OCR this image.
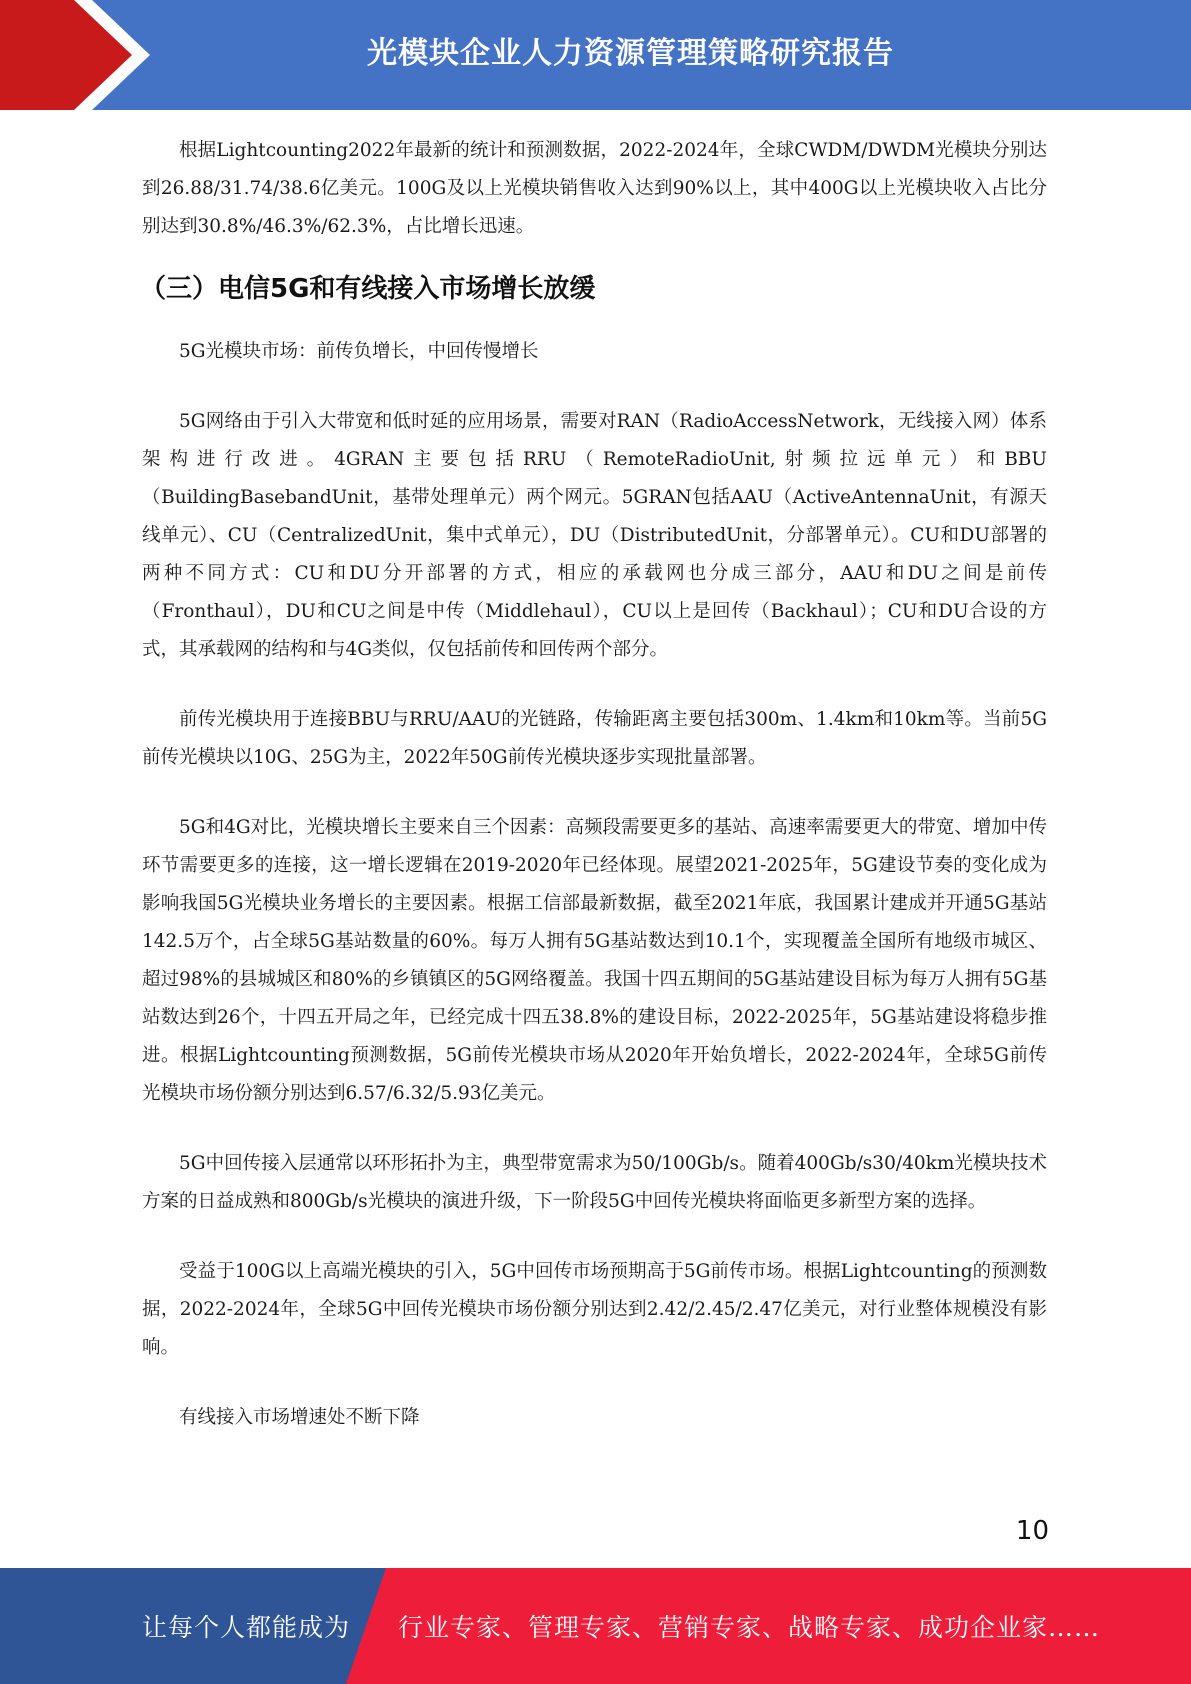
光模块企业人力资源管理策略研究报告

根据Lightcounting2022年最新的统计和预测数据，2022-2024年，全球CWDM/DWDM光模块分别达到26.88/31.74/38.6亿美元。100G及以上光模块销售收入达到90%以上，其中400G以上光模块收入占比分别达到30.8%/46.3%/62.3%，占比增长迅速。

（三）电信5G和有线接入市场增长放缓

5G光模块市场：前传负增长，中回传慢增长

5G网络由于引入大带宽和低时延的应用场景，需要对RAN（RadioAccessNetwork，无线接入网）体系架构进行改进。4GRAN主要包括RRU（RemoteRadioUnit,射频拉远单元）和BBU（BuildingBasebandUnit，基带处理单元）两个网元。5GRAN包括AAU（ActiveAntennaUnit，有源天线单元）、CU（CentralizedUnit，集中式单元），DU（DistributedUnit，分部署单元）。CU和DU部署的两种不同方式：CU和DU分开部署的方式，相应的承载网也分成三部分，AAU和DU之间是前传（Fronthaul），DU和CU之间是中传（Middlehaul），CU以上是回传（Backhaul）；CU和DU合设的方式，其承载网的结构和与4G类似，仅包括前传和回传两个部分。

前传光模块用于连接BBU与RRU/AAU的光链路，传输距离主要包括300m、1.4km和10km等。当前5G前传光模块以10G、25G为主，2022年50G前传光模块逐步实现批量部署。

5G和4G对比，光模块增长主要来自三个因素：高频段需要更多的基站、高速率需要更大的带宽、增加中传环节需要更多的连接，这一增长逻辑在2019-2020年已经体现。展望2021-2025年，5G建设节奏的变化成为影响我国5G光模块业务增长的主要因素。根据工信部最新数据，截至2021年底，我国累计建成并开通5G基站142.5万个，占全球5G基站数量的60%。每万人拥有5G基站数达到10.1个，实现覆盖全国所有地级市城区、超过98%的县城城区和80%的乡镇镇区的5G网络覆盖。我国十四五期间的5G基站建设目标为每万人拥有5G基站数达到26个，十四五开局之年，已经完成十四五38.8%的建设目标，2022-2025年，5G基站建设将稳步推进。根据Lightcounting预测数据，5G前传光模块市场从2020年开始负增长，2022-2024年，全球5G前传光模块市场份额分别达到6.57/6.32/5.93亿美元。

5G中回传接入层通常以环形拓扑为主，典型带宽需求为50/100Gb/s。随着400Gb/s30/40km光模块技术方案的日益成熟和800Gb/s光模块的演进升级，下一阶段5G中回传光模块将面临更多新型方案的选择。

受益于100G以上高端光模块的引入，5G中回传市场预期高于5G前传市场。根据Lightcounting的预测数据，2022-2024年，全球5G中回传光模块市场份额分别达到2.42/2.45/2.47亿美元，对行业整体规模没有影响。

有线接入市场增速处不断下降

10
让每个人都能成为 行业专家、管理专家、营销专家、战略专家、成功企业家……
